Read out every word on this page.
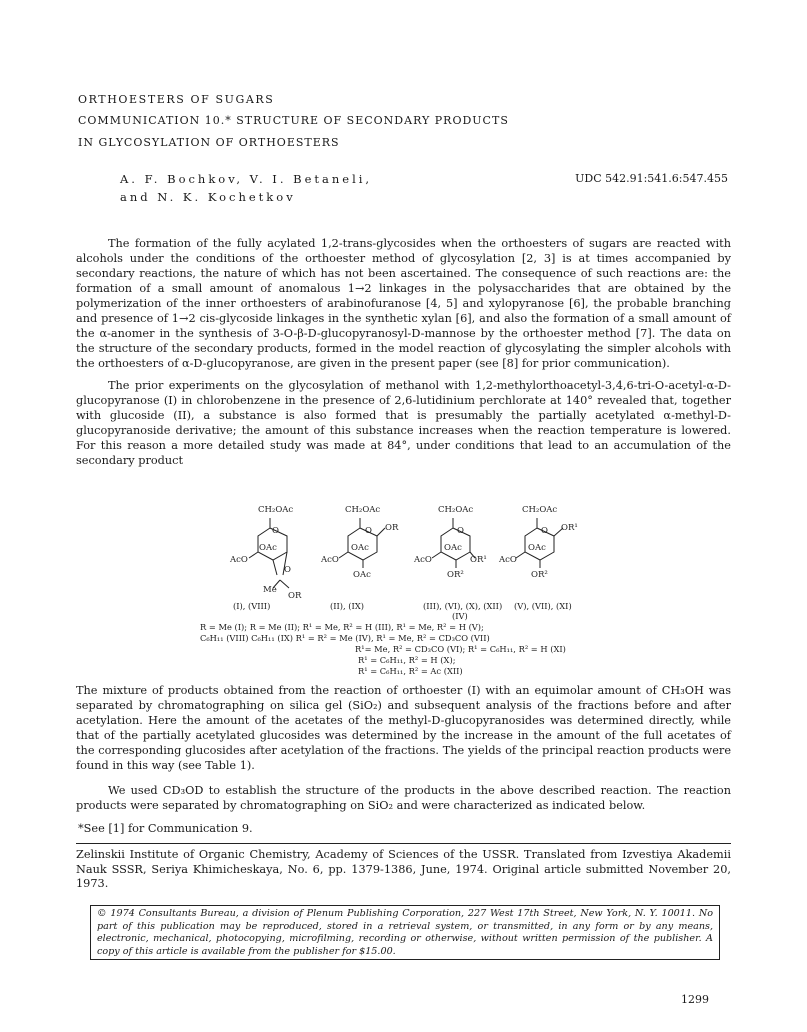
ORTHOESTERS OF SUGARS
COMMUNICATION 10.* STRUCTURE OF SECONDARY PRODUCTS
IN GLYCOSYLATION OF ORTHOESTERS
A. F. Bochkov, V. I. Betaneli,
and N. K. Kochetkov
UDC 542.91:541.6:547.455

The formation of the fully acylated 1,2-trans-glycosides when the orthoesters of sugars are reacted with alcohols under the conditions of the orthoester method of glycosylation [2, 3] is at times accompanied by secondary reactions, the nature of which has not been ascertained. The consequence of such reactions are: the formation of a small amount of anomalous 1→2 linkages in the polysaccharides that are obtained by the polymerization of the inner orthoesters of arabinofuranose [4, 5] and xylopyranose [6], the probable branching and presence of 1→2 cis-glycoside linkages in the synthetic xylan [6], and also the formation of a small amount of the α-anomer in the synthesis of 3-O-β-D-glucopyranosyl-D-mannose by the orthoester method [7]. The data on the structure of the secondary products, formed in the model reaction of glycosylating the simpler alcohols with the orthoesters of α-D-glucopyranose, are given in the present paper (see [8] for prior communication).

The prior experiments on the glycosylation of methanol with 1,2-methylorthoacetyl-3,4,6-tri-O-acetyl-α-D-glucopyranose (I) in chlorobenzene in the presence of 2,6-lutidinium perchlorate at 140° revealed that, together with glucoside (II), a substance is also formed that is presumably the partially acetylated α-methyl-D-glucopyranoside derivative; the amount of this substance increases when the reaction temperature is lowered. For this reason a more detailed study was made at 84°, under conditions that lead to an accumulation of the secondary product

CH₂OAc
O
OAc
AcO
O
Me
OR
CH₂OAc
O OR
OAc
AcO
OAc
CH₂OAc
O
OAc
AcO	OR¹
OR²
CH₂OAc
O OR¹
OAc
AcO
OR²
(I), (VIII)	(II), (IX)	(III), (VI), (X), (XII) (V), (VII), (XI)
(IV)
R = Me (I); R = Me (II); R¹ = Me, R² = H (III), R¹ = Me, R² = H (V);
C₆H₁₁ (VIII) C₆H₁₁ (IX) R¹ = R² = Me (IV), R¹ = Me, R² = CD₃CO (VII)
R¹= Me, R² = CD₃CO (VI); R¹ = C₆H₁₁, R² = H (XI)
R¹ = C₆H₁₁, R² = H (X);
R¹ = C₆H₁₁, R² = Ac (XII)

The mixture of products obtained from the reaction of orthoester (I) with an equimolar amount of CH₃OH was separated by chromatographing on silica gel (SiO₂) and subsequent analysis of the fractions before and after acetylation. Here the amount of the acetates of the methyl-D-glucopyranosides was determined directly, while that of the partially acetylated glucosides was determined by the increase in the amount of the full acetates of the corresponding glucosides after acetylation of the fractions. The yields of the principal reaction products were found in this way (see Table 1).

We used CD₃OD to establish the structure of the products in the above described reaction. The reaction products were separated by chromatographing on SiO₂ and were characterized as indicated below.

*See [1] for Communication 9.

Zelinskii Institute of Organic Chemistry, Academy of Sciences of the USSR. Translated from Izvestiya Akademii Nauk SSSR, Seriya Khimicheskaya, No. 6, pp. 1379-1386, June, 1974. Original article submitted November 20, 1973.

© 1974 Consultants Bureau, a division of Plenum Publishing Corporation, 227 West 17th Street, New York, N. Y. 10011. No part of this publication may be reproduced, stored in a retrieval system, or transmitted, in any form or by any means, electronic, mechanical, photocopying, microfilming, recording or otherwise, without written permission of the publisher. A copy of this article is available from the publisher for $15.00.
1299
